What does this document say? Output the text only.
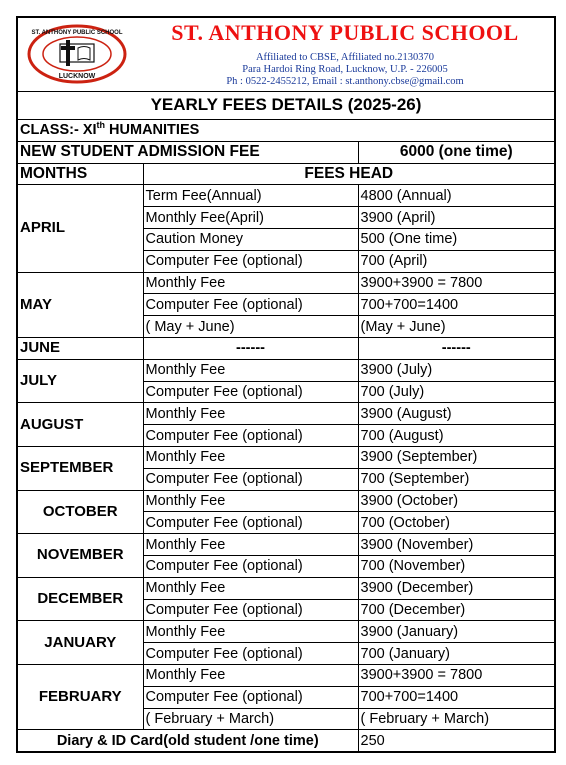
ST. ANTHONY PUBLIC SCHOOL
LUCKNOW
ST. ANTHONY PUBLIC SCHOOL
Affiliated to CBSE, Affiliated no.2130370
Para Hardoi Ring Road, Lucknow, U.P. - 226005
Ph : 0522-2455212, Email : st.anthony.cbse@gmail.com
YEARLY FEES DETAILS (2025-26)		
CLASS:- XIth HUMANITIES		
NEW STUDENT ADMISSION FEE		6000 (one time)
MONTHS	FEES HEAD	
APRIL	Term Fee(Annual)	4800 (Annual)
	Monthly Fee(April)	3900 (April)
	Caution Money	500 (One time)
	Computer Fee (optional)	700 (April)
MAY	Monthly Fee	3900+3900 = 7800
	Computer Fee (optional)	700+700=1400
	( May + June)	(May + June)
JUNE	------	------
JULY	Monthly Fee	3900 (July)
	Computer Fee (optional)	700 (July)
AUGUST	Monthly Fee	3900 (August)
	Computer Fee (optional)	700 (August)
SEPTEMBER	Monthly Fee	3900 (September)
	Computer Fee (optional)	700 (September)
OCTOBER	Monthly Fee	3900 (October)
	Computer Fee (optional)	700 (October)
NOVEMBER	Monthly Fee	3900 (November)
	Computer Fee (optional)	700 (November)
DECEMBER	Monthly Fee	3900 (December)
	Computer Fee (optional)	700 (December)
JANUARY	Monthly Fee	3900 (January)
	Computer Fee (optional)	700 (January)
FEBRUARY	Monthly Fee	3900+3900 = 7800
	Computer Fee (optional)	700+700=1400
	( February + March)	( February + March)
Diary & ID Card(old student /one time)		250
